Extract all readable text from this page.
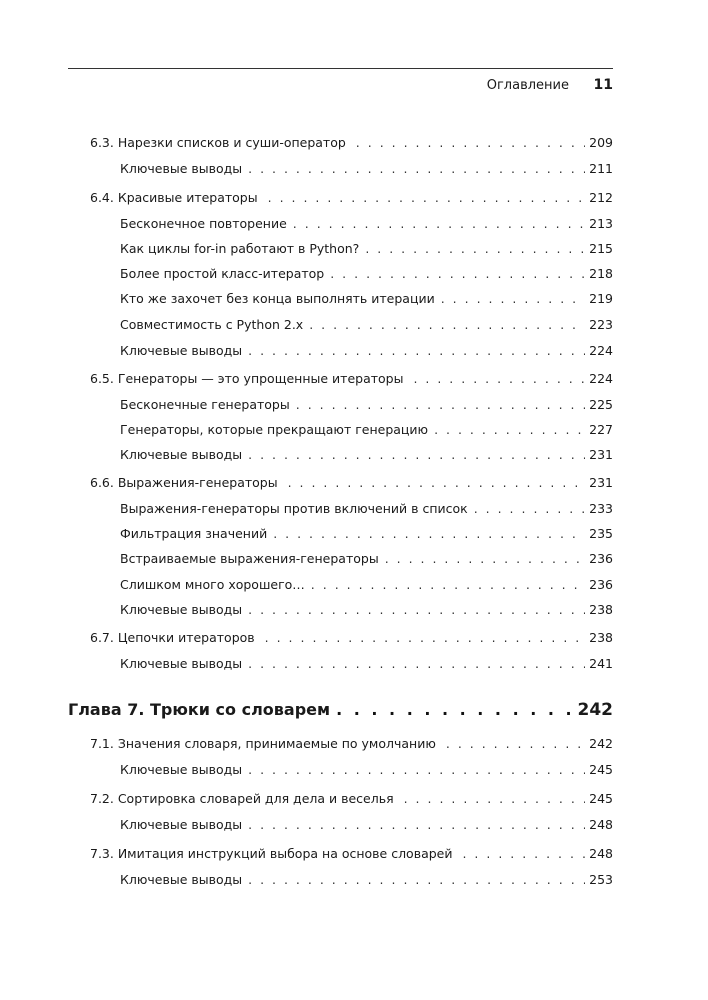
Оглавление 11
6.3. Нарезки списков и суши-оператор . . .	209
Ключевые выводы . . .	211
6.4. Красивые итераторы . . .	212
Бесконечное повторение . . .	213
Как циклы for-in работают в Python? . . .	215
Более простой класс-итератор . . .	218
Кто же захочет без конца выполнять итерации . . .	219
Совместимость с Python 2.x . . .	223
Ключевые выводы . . .	224
6.5. Генераторы — это упрощенные итераторы . . .	224
Бесконечные генераторы . . .	225
Генераторы, которые прекращают генерацию . . .	227
Ключевые выводы . . .	231
6.6. Выражения-генераторы . . .	231
Выражения-генераторы против включений в список . . .	233
Фильтрация значений . . .	235
Встраиваемые выражения-генераторы . . .	236
Слишком много хорошего… . . .	236
Ключевые выводы . . .	238
6.7. Цепочки итераторов . . .	238
Ключевые выводы . . .	241
Глава 7. Трюки со словарем . . .	242
7.1. Значения словаря, принимаемые по умолчанию . . .	242
Ключевые выводы . . .	245
7.2. Сортировка словарей для дела и веселья . . .	245
Ключевые выводы . . .	248
7.3. Имитация инструкций выбора на основе словарей . . .	248
Ключевые выводы . . .	253
